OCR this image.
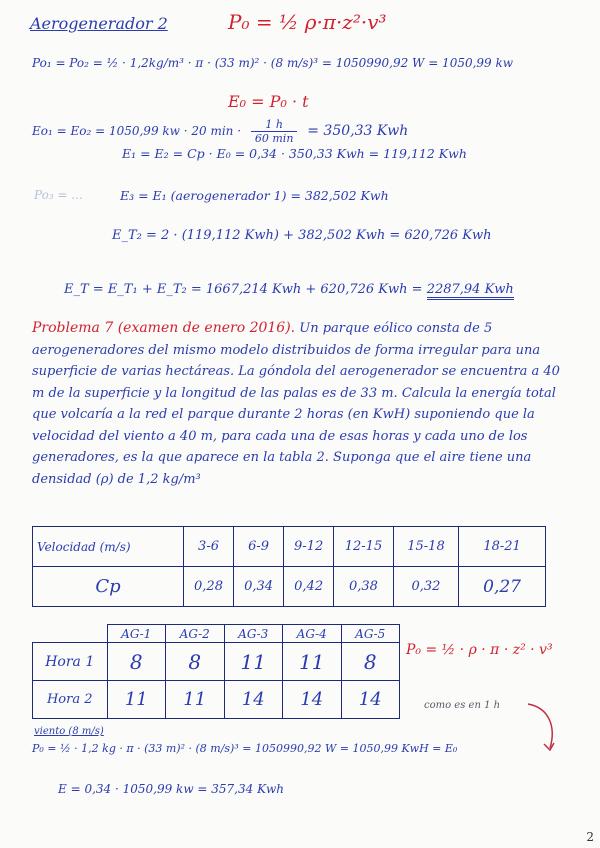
Aerogenerador 2	P₀ = ½ ρ·π·z²·v³
Po₁ = Po₂ = ½ · 1,2kg/m³ · π · (33 m)² · (8 m/s)³ = 1050990,92 W = 1050,99 kw
E₀ = P₀ · t
Eo₁ = Eo₂ = 1050,99 kw · 20 min ·	1 h
60 min = 350,33 Kwh
E₁ = E₂ = Cp · E₀ = 0,34 · 350,33 Kwh = 119,112 Kwh
Po₃ = ...	E₃ = E₁ (aerogenerador 1) = 382,502 Kwh
E_T₂ = 2 · (119,112 Kwh) + 382,502 Kwh = 620,726 Kwh
E_T = E_T₁ + E_T₂ = 1667,214 Kwh + 620,726 Kwh = 2287,94 Kwh
Problema 7 (examen de enero 2016). Un parque eólico consta de 5 aerogeneradores del mismo modelo distribuidos de forma irregular para una superficie de varias hectáreas. La góndola del aerogenerador se encuentra a 40 m de la superficie y la longitud de las palas es de 33 m. Calcula la energía total que volcaría a la red el parque durante 2 horas (en KwH) suponiendo que la velocidad del viento a 40 m, para cada una de esas horas y cada uno de los generadores, es la que aparece en la tabla 2. Suponga que el aire tiene una densidad (ρ) de 1,2 kg/m³
Velocidad (m/s)	3-6	6-9	9-12	12-15	15-18	18-21
Cp	0,28	0,34	0,42	0,38	0,32	0,27
	AG-1	AG-2	AG-3	AG-4	AG-5
Hora 1	8	8	11	11	8
Hora 2	11	11	14	14	14
P₀ = ½ · ρ · π · z² · v³
como es en 1 h
viento (8 m/s)
P₀ = ½ · 1,2 kg · π · (33 m)² · (8 m/s)³ = 1050990,92 W = 1050,99 KwH = E₀
E = 0,34 · 1050,99 kw = 357,34 Kwh
2
